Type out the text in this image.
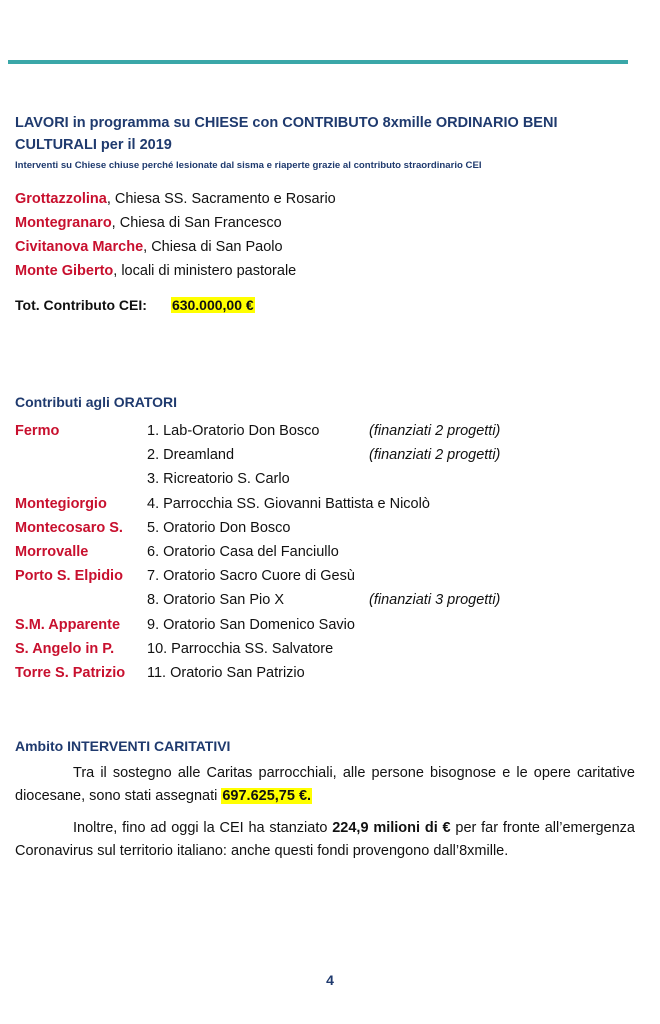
LAVORI in programma su CHIESE con CONTRIBUTO 8xmille ORDINARIO BENI CULTURALI per il 2019

Interventi su Chiese chiuse perché lesionate dal sisma e riaperte grazie al contributo straordinario CEI

Grottazzolina, Chiesa SS. Sacramento e Rosario
Montegranaro, Chiesa di San Francesco
Civitanova Marche, Chiesa di San Paolo
Monte Giberto, locali di ministero pastorale
Tot. Contributo CEI: 630.000,00 €

Contributi agli ORATORI

Fermo	1. Lab-Oratorio Don Bosco	(finanziati 2 progetti)
2. Dreamland	(finanziati 2 progetti)
3. Ricreatorio S. Carlo
Montegiorgio	4. Parrocchia SS. Giovanni Battista e Nicolò
Montecosaro S. 5. Oratorio Don Bosco
Morrovalle	6. Oratorio Casa del Fanciullo
Porto S. Elpidio 7. Oratorio Sacro Cuore di Gesù
8. Oratorio San Pio X	(finanziati 3 progetti)
S.M. Apparente 9. Oratorio San Domenico Savio
S. Angelo in P. 10. Parrocchia SS. Salvatore
Torre S. Patrizio 11. Oratorio San Patrizio

Ambito INTERVENTI CARITATIVI

Tra il sostegno alle Caritas parrocchiali, alle persone bisognose e le opere caritative diocesane, sono stati assegnati 697.625,75 €.

Inoltre, fino ad oggi la CEI ha stanziato 224,9 milioni di € per far fronte all’emergenza Coronavirus sul territorio italiano: anche questi fondi provengono dall’8xmille.

4
